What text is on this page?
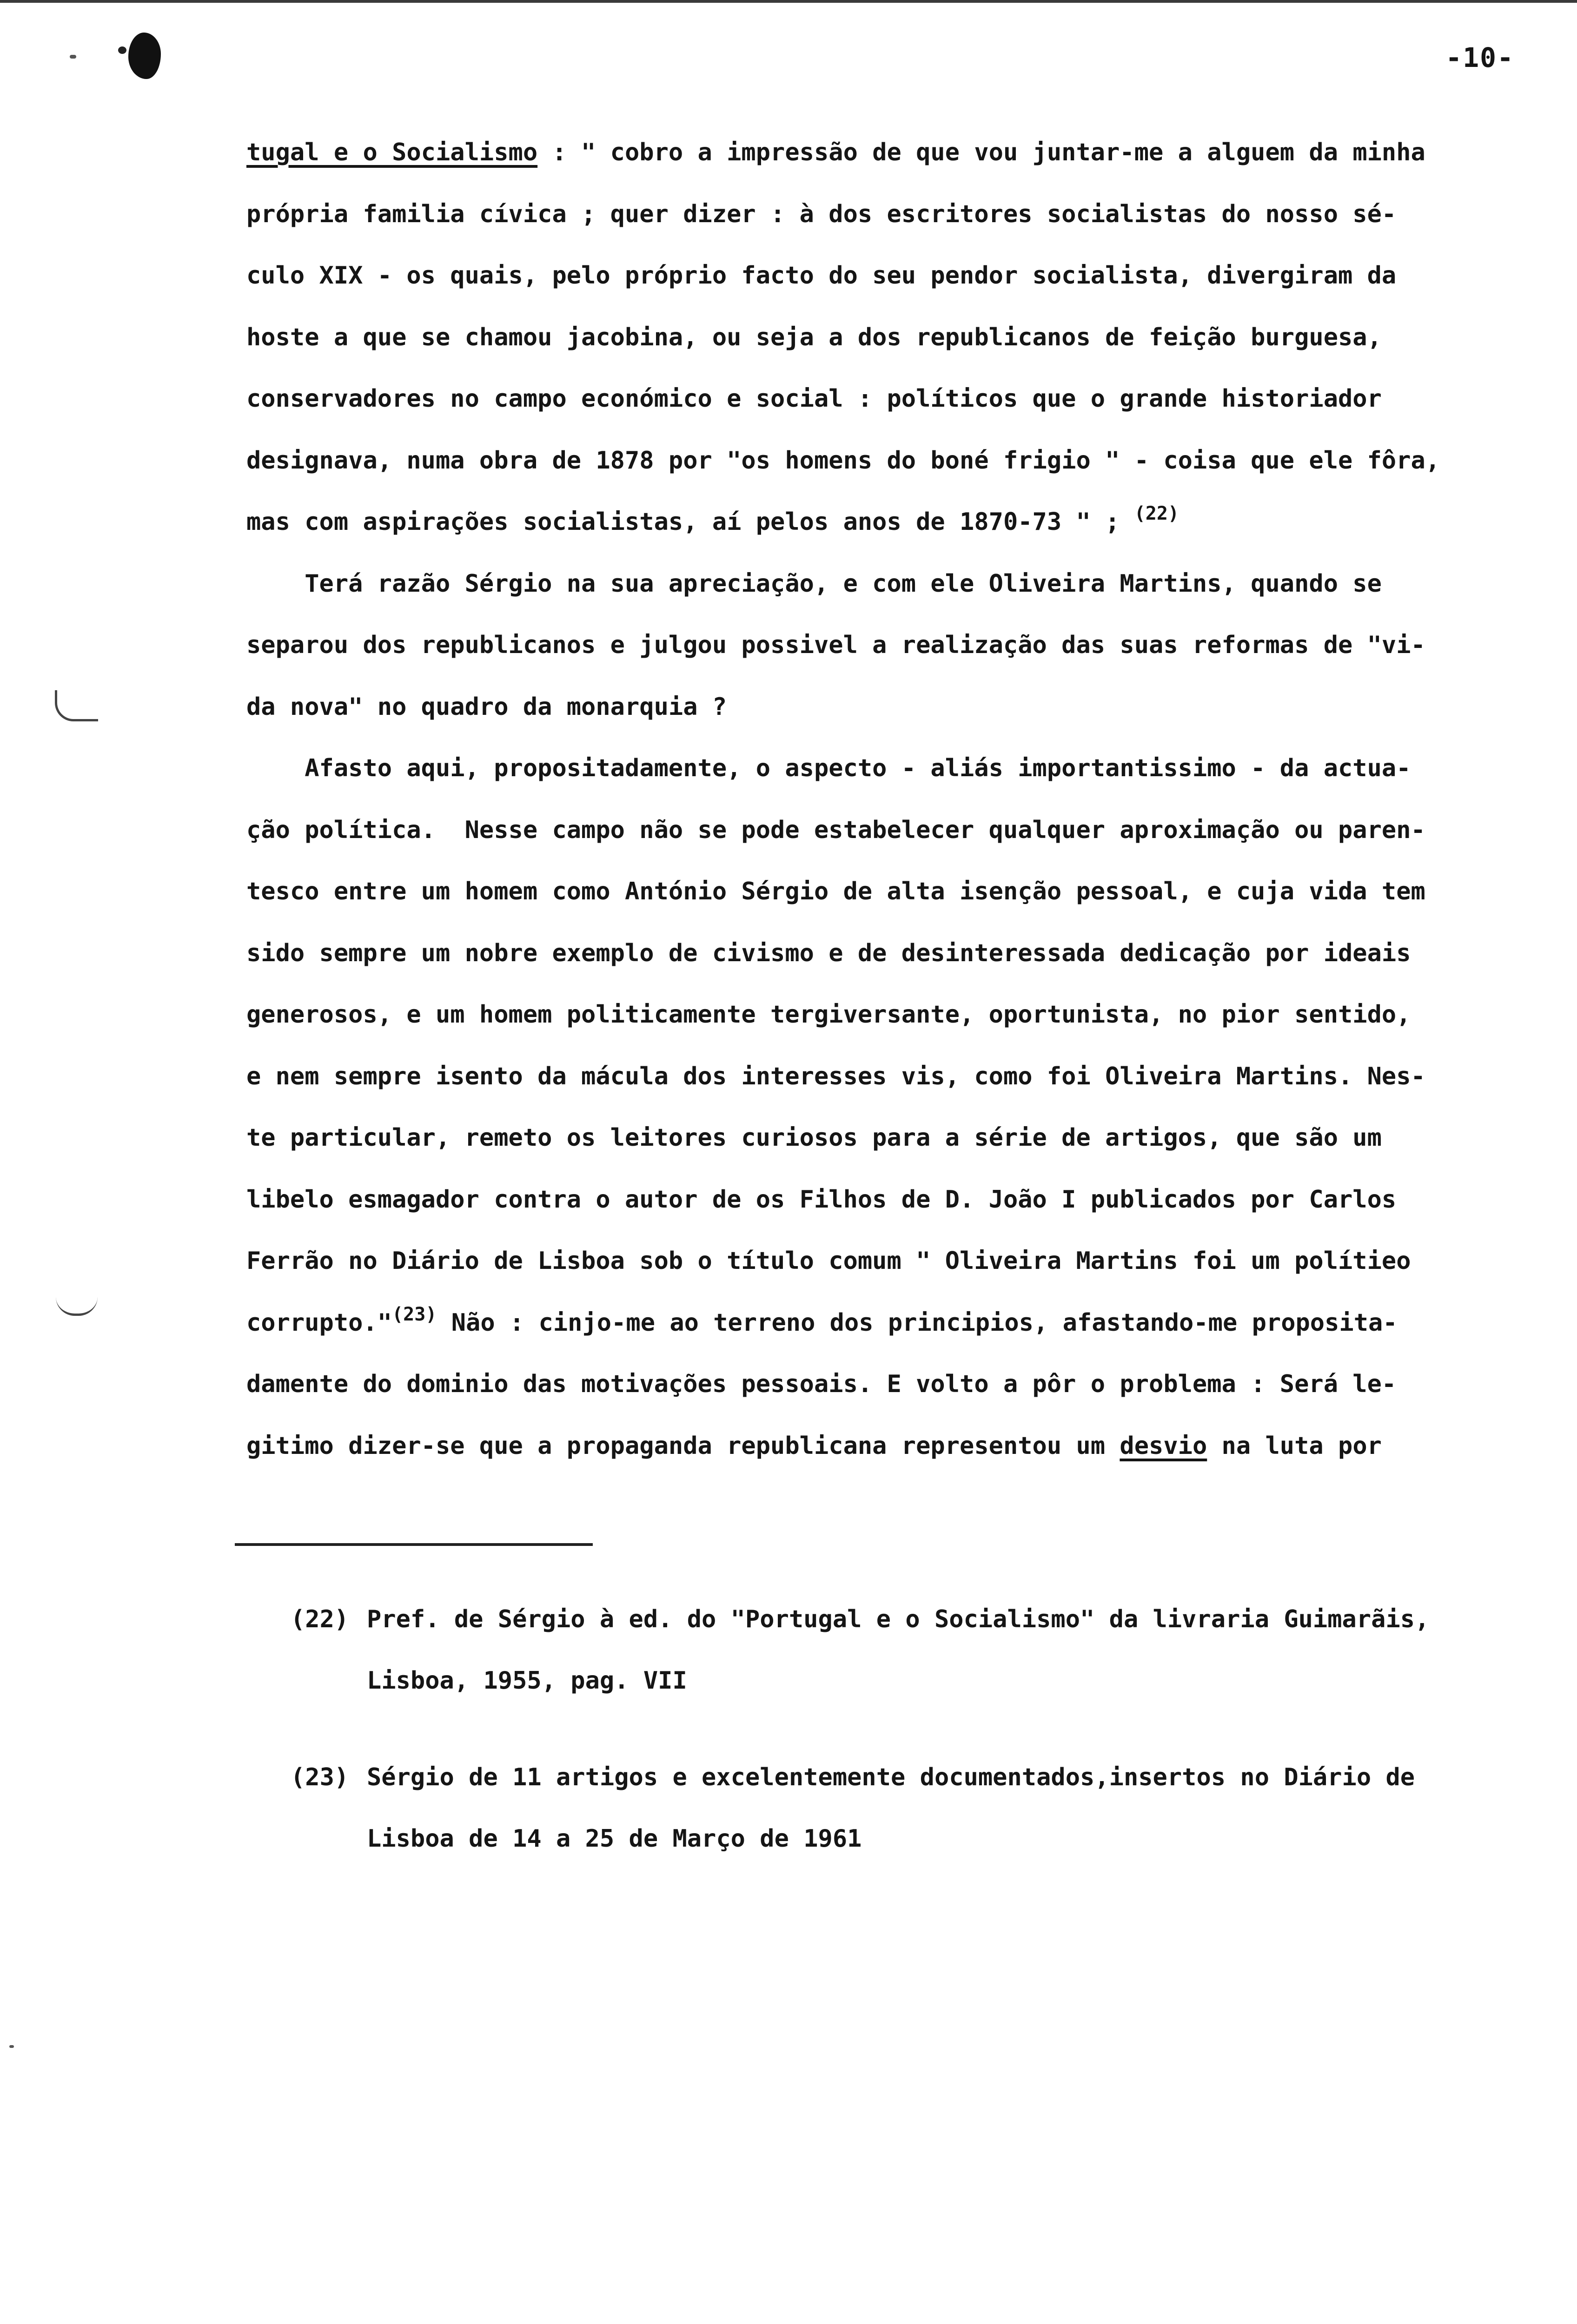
-10-
tugal e o Socialismo : " cobro a impressão de que vou juntar-me a alguem da minha
própria familia cívica ; quer dizer : à dos escritores socialistas do nosso sé-
culo XIX - os quais, pelo próprio facto do seu pendor socialista, divergiram da
hoste a que se chamou jacobina, ou seja a dos republicanos de feição burguesa,
conservadores no campo económico e social : políticos que o grande historiador
designava, numa obra de 1878 por "os homens do boné frigio " - coisa que ele fôra,
mas com aspirações socialistas, aí pelos anos de 1870-73 " ; $^{(22)}$
Terá razão Sérgio na sua apreciação, e com ele Oliveira Martins, quando se
separou dos republicanos e julgou possivel a realização das suas reformas de "vi-
da nova" no quadro da monarquia ?
Afasto aqui, propositadamente, o aspecto - aliás importantissimo - da actua-
ção política.  Nesse campo não se pode estabelecer qualquer aproximação ou paren-
tesco entre um homem como António Sérgio de alta isenção pessoal, e cuja vida tem
sido sempre um nobre exemplo de civismo e de desinteressada dedicação por ideais
generosos, e um homem politicamente tergiversante, oportunista, no pior sentido,
e nem sempre isento da mácula dos interesses vis, como foi Oliveira Martins. Nes-
te particular, remeto os leitores curiosos para a série de artigos, que são um
libelo esmagador contra o autor de os Filhos de D. João I publicados por Carlos
Ferrão no Diário de Lisboa sob o título comum " Oliveira Martins foi um polítieo
corrupto."$^{(23)}$ Não : cinjo-me ao terreno dos principios, afastando-me proposita-
damente do dominio das motivações pessoais. E volto a pôr o problema : Será le-
gitimo dizer-se que a propaganda republicana representou um desvio na luta por
(22) Pref. de Sérgio à ed. do "Portugal e o Socialismo" da livraria Guimarãis,
Lisboa, 1955, pag. VII
(23) Sérgio de 11 artigos e excelentemente documentados,insertos no Diário de
Lisboa de 14 a 25 de Março de 1961
